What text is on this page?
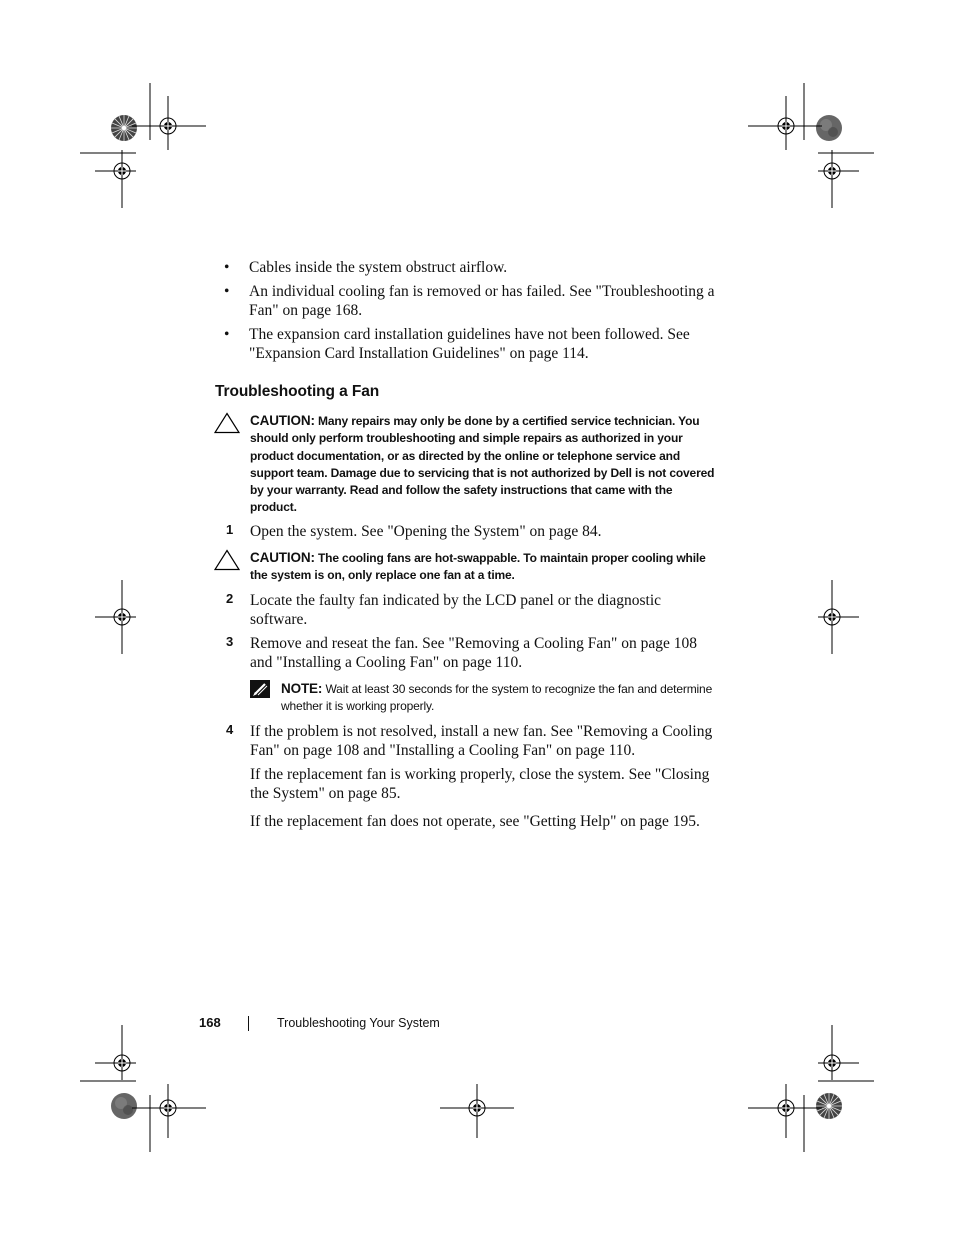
• Cables inside the system obstruct airflow.
• An individual cooling fan is removed or has failed. See "Troubleshooting a Fan" on page 168.
• The expansion card installation guidelines have not been followed. See "Expansion Card Installation Guidelines" on page 114.
Troubleshooting a Fan
CAUTION: Many repairs may only be done by a certified service technician. You should only perform troubleshooting and simple repairs as authorized in your product documentation, or as directed by the online or telephone service and support team. Damage due to servicing that is not authorized by Dell is not covered by your warranty. Read and follow the safety instructions that came with the product.
1 Open the system. See "Opening the System" on page 84.
CAUTION: The cooling fans are hot-swappable. To maintain proper cooling while the system is on, only replace one fan at a time.
2 Locate the faulty fan indicated by the LCD panel or the diagnostic software.
3 Remove and reseat the fan. See "Removing a Cooling Fan" on page 108 and "Installing a Cooling Fan" on page 110.
NOTE: Wait at least 30 seconds for the system to recognize the fan and determine whether it is working properly.
4 If the problem is not resolved, install a new fan. See "Removing a Cooling Fan" on page 108 and "Installing a Cooling Fan" on page 110.
If the replacement fan is working properly, close the system. See "Closing the System" on page 85.
If the replacement fan does not operate, see "Getting Help" on page 195.
168	Troubleshooting Your System
